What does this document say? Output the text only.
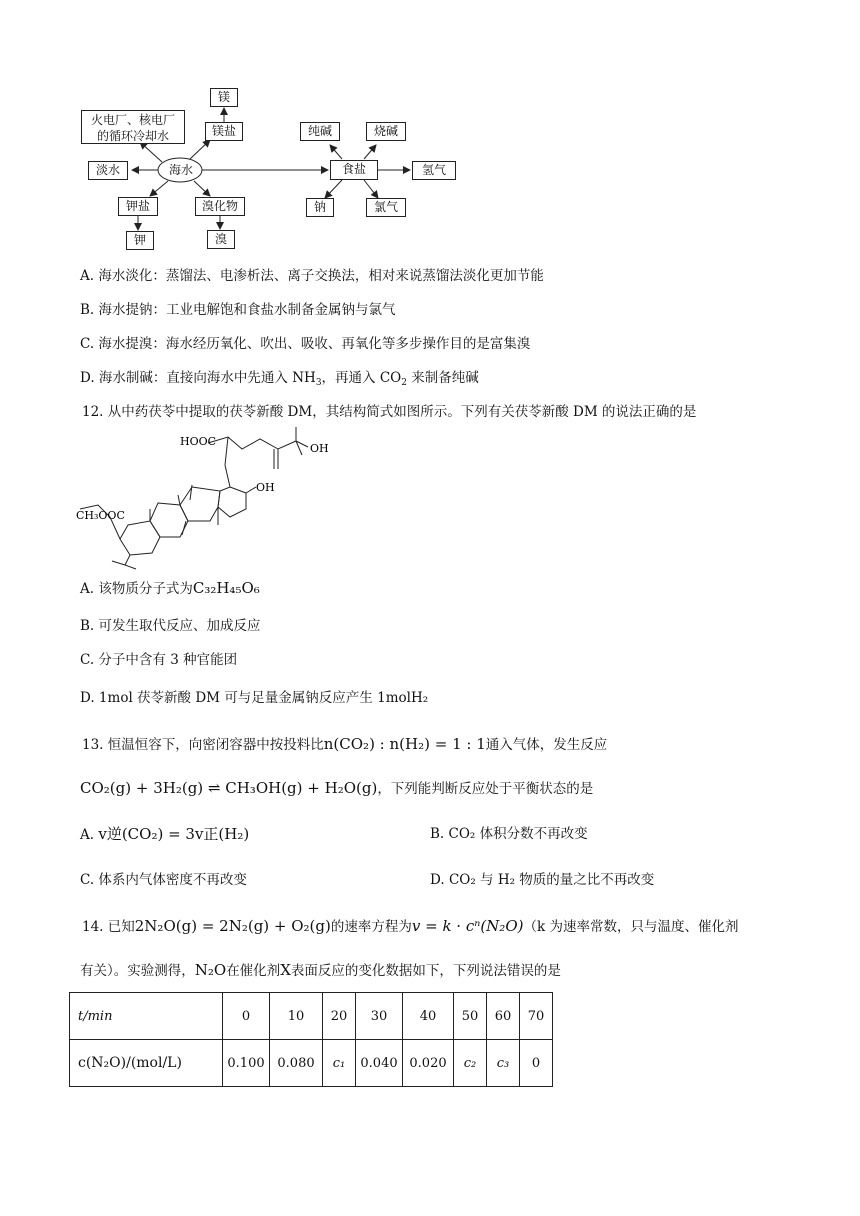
海水
火电厂、核电厂
的循环冷却水
淡水
镁
镁盐
钾盐
钾
溴化物
溴
食盐
纯碱	烧碱
氢气
钠	氯气
A. 海水淡化：蒸馏法、电渗析法、离子交换法，相对来说蒸馏法淡化更加节能
B. 海水提钠：工业电解饱和食盐水制备金属钠与氯气
C. 海水提溴：海水经历氧化、吹出、吸收、再氧化等多步操作目的是富集溴
D. 海水制碱：直接向海水中先通入 $NH_3$，再通入 $CO_2$ 来制备纯碱
12. 从中药茯苓中提取的茯苓新酸 DM，其结构简式如图所示。下列有关茯苓新酸 DM 的说法正确的是
HOOC
OH
OH
CH₃OOC
A. 该物质分子式为C₃₂H₄₅O₆
B. 可发生取代反应、加成反应
C. 分子中含有 3 种官能团
D. 1mol 茯苓新酸 DM 可与足量金属钠反应产生 1molH₂
13. 恒温恒容下，向密闭容器中按投料比n(CO₂) : n(H₂) = 1 : 1通入气体，发生反应
CO₂(g) + 3H₂(g) ⇌ CH₃OH(g) + H₂O(g)，下列能判断反应处于平衡状态的是
A. v逆(CO₂) = 3v正(H₂)	B. CO₂ 体积分数不再改变
C. 体系内气体密度不再改变	D. CO₂ 与 H₂ 物质的量之比不再改变
14. 已知2N₂O(g) = 2N₂(g) + O₂(g)的速率方程为v = k · cⁿ(N₂O)（k 为速率常数，只与温度、催化剂
有关）。实验测得，N₂O在催化剂X表面反应的变化数据如下，下列说法错误的是
t/min	0	10	20	30	40	50	60	70
c(N₂O)/(mol/L)	0.100	0.080	c₁	0.040	0.020	c₂	c₃	0
